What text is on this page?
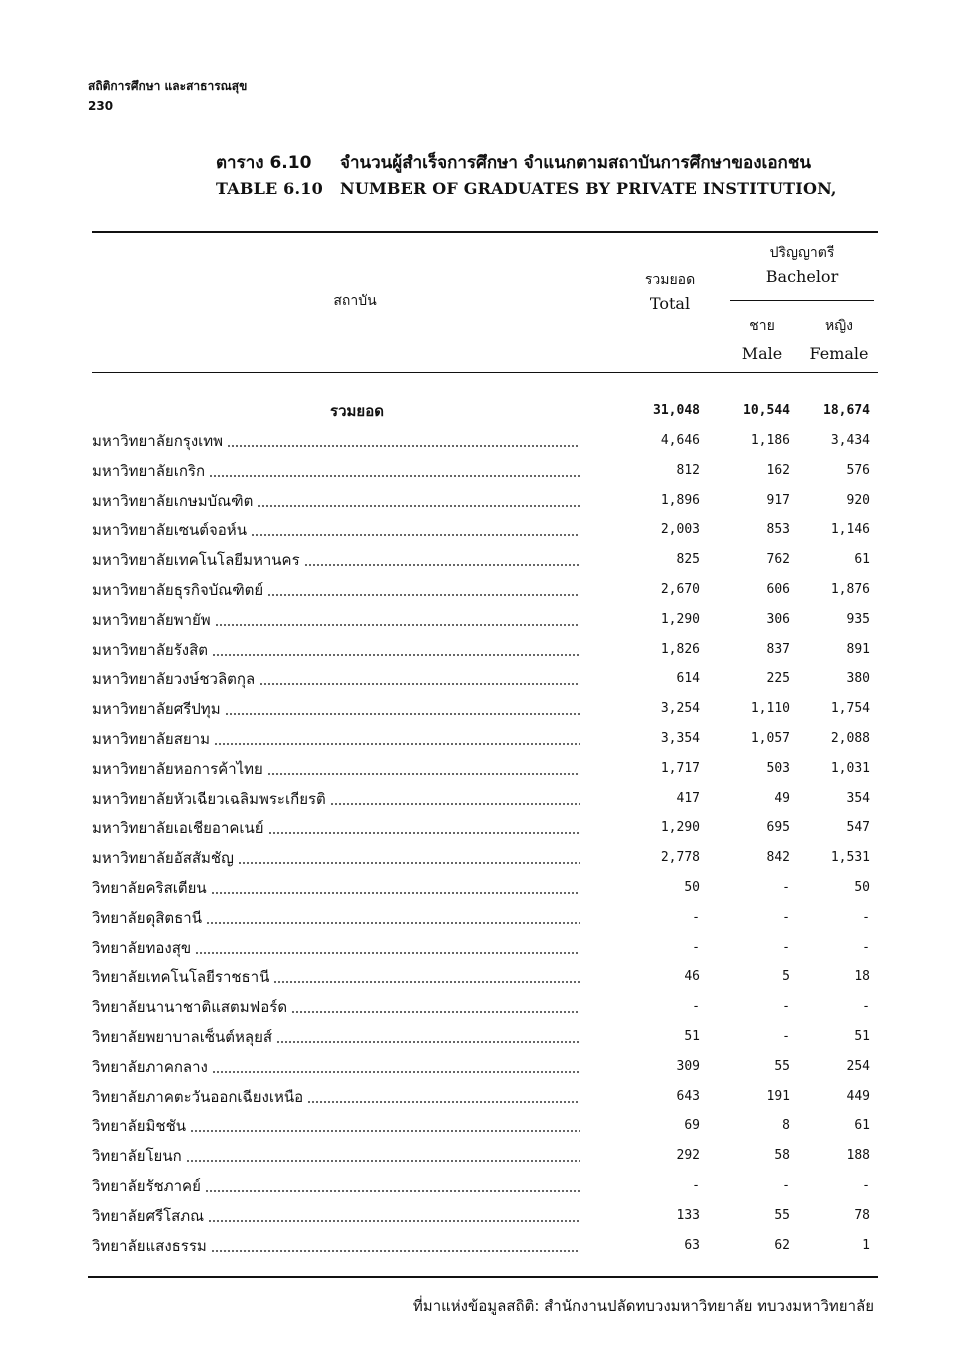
สถิติการศึกษา และสาธารณสุข
230
ตาราง 6.10 จำนวนผู้สำเร็จการศึกษา จำแนกตามสถาบันการศึกษาของเอกชน
TABLE 6.10 NUMBER OF GRADUATES BY PRIVATE INSTITUTION,
สถาบัน
รวมยอด
Total
ปริญญาตรี
Bachelor
ชาย
Male
หญิง
Female
รวมยอด	31,048	10,544	18,674
มหาวิทยาลัยกรุงเทพ	4,646	1,186	3,434
มหาวิทยาลัยเกริก	812	162	576
มหาวิทยาลัยเกษมบัณฑิต	1,896	917	920
มหาวิทยาลัยเซนต์จอห์น	2,003	853	1,146
มหาวิทยาลัยเทคโนโลยีมหานคร	825	762	61
มหาวิทยาลัยธุรกิจบัณฑิตย์	2,670	606	1,876
มหาวิทยาลัยพายัพ	1,290	306	935
มหาวิทยาลัยรังสิต	1,826	837	891
มหาวิทยาลัยวงษ์ชวลิตกุล	614	225	380
มหาวิทยาลัยศรีปทุม	3,254	1,110	1,754
มหาวิทยาลัยสยาม	3,354	1,057	2,088
มหาวิทยาลัยหอการค้าไทย	1,717	503	1,031
มหาวิทยาลัยหัวเฉียวเฉลิมพระเกียรติ	417	49	354
มหาวิทยาลัยเอเชียอาคเนย์	1,290	695	547
มหาวิทยาลัยอัสสัมชัญ	2,778	842	1,531
วิทยาลัยคริสเตียน	50	-	50
วิทยาลัยดุสิตธานี	-	-	-
วิทยาลัยทองสุข	-	-	-
วิทยาลัยเทคโนโลยีราชธานี	46	5	18
วิทยาลัยนานาชาติแสตมฟอร์ด	-	-	-
วิทยาลัยพยาบาลเซ็นต์หลุยส์	51	-	51
วิทยาลัยภาคกลาง	309	55	254
วิทยาลัยภาคตะวันออกเฉียงเหนือ	643	191	449
วิทยาลัยมิชชัน	69	8	61
วิทยาลัยโยนก	292	58	188
วิทยาลัยรัชภาคย์	-	-	-
วิทยาลัยศรีโสภณ	133	55	78
วิทยาลัยแสงธรรม	63	62	1
ที่มาแห่งข้อมูลสถิติ: สำนักงานปลัดทบวงมหาวิทยาลัย ทบวงมหาวิทยาลัย
